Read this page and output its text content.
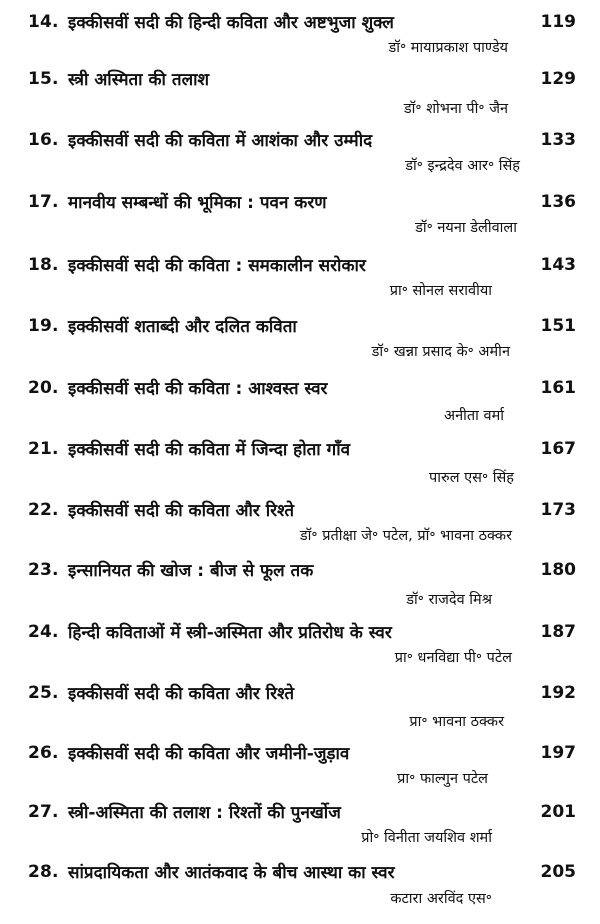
14. इक्कीसवीं सदी की हिन्दी कविता और अष्टभुजा शुक्ल	119
डॉ॰ मायाप्रकाश पाण्डेय
15. स्त्री अस्मिता की तलाश	129
डॉ॰ शोभना पी॰ जैन
16. इक्कीसवीं सदी की कविता में आशंका और उम्मीद	133
डॉ॰ इन्द्रदेव आर॰ सिंह
17. मानवीय सम्बन्धों की भूमिका : पवन करण	136
डॉ॰ नयना डेलीवाला
18. इक्कीसवीं सदी की कविता : समकालीन सरोकार	143
प्रा॰ सोनल सरावीया
19. इक्कीसवीं शताब्दी और दलित कविता	151
डॉ॰ खन्ना प्रसाद के॰ अमीन
20. इक्कीसवीं सदी की कविता : आश्वस्त स्वर	161
अनीता वर्मा
21. इक्कीसवीं सदी की कविता में जिन्दा होता गाँव	167
पारुल एस॰ सिंह
22. इक्कीसवीं सदी की कविता और रिश्ते	173
डॉ॰ प्रतीक्षा जे॰ पटेल, प्रॉ॰ भावना ठक्कर
23. इन्सानियत की खोज : बीज से फूल तक	180
डॉ॰ राजदेव मिश्र
24. हिन्दी कविताओं में स्त्री-अस्मिता और प्रतिरोध के स्वर	187
प्रा॰ धनविद्या पी॰ पटेल
25. इक्कीसवीं सदी की कविता और रिश्ते	192
प्रा॰ भावना ठक्कर
26. इक्कीसवीं सदी की कविता और जमीनी-जुड़ाव	197
प्रा॰ फाल्गुन पटेल
27. स्त्री-अस्मिता की तलाश : रिश्तों की पुनर्खोज	201
प्रो॰ विनीता जयशिव शर्मा
28. सांप्रदायिकता और आतंकवाद के बीच आस्था का स्वर	205
कटारा अरविंद एस॰
